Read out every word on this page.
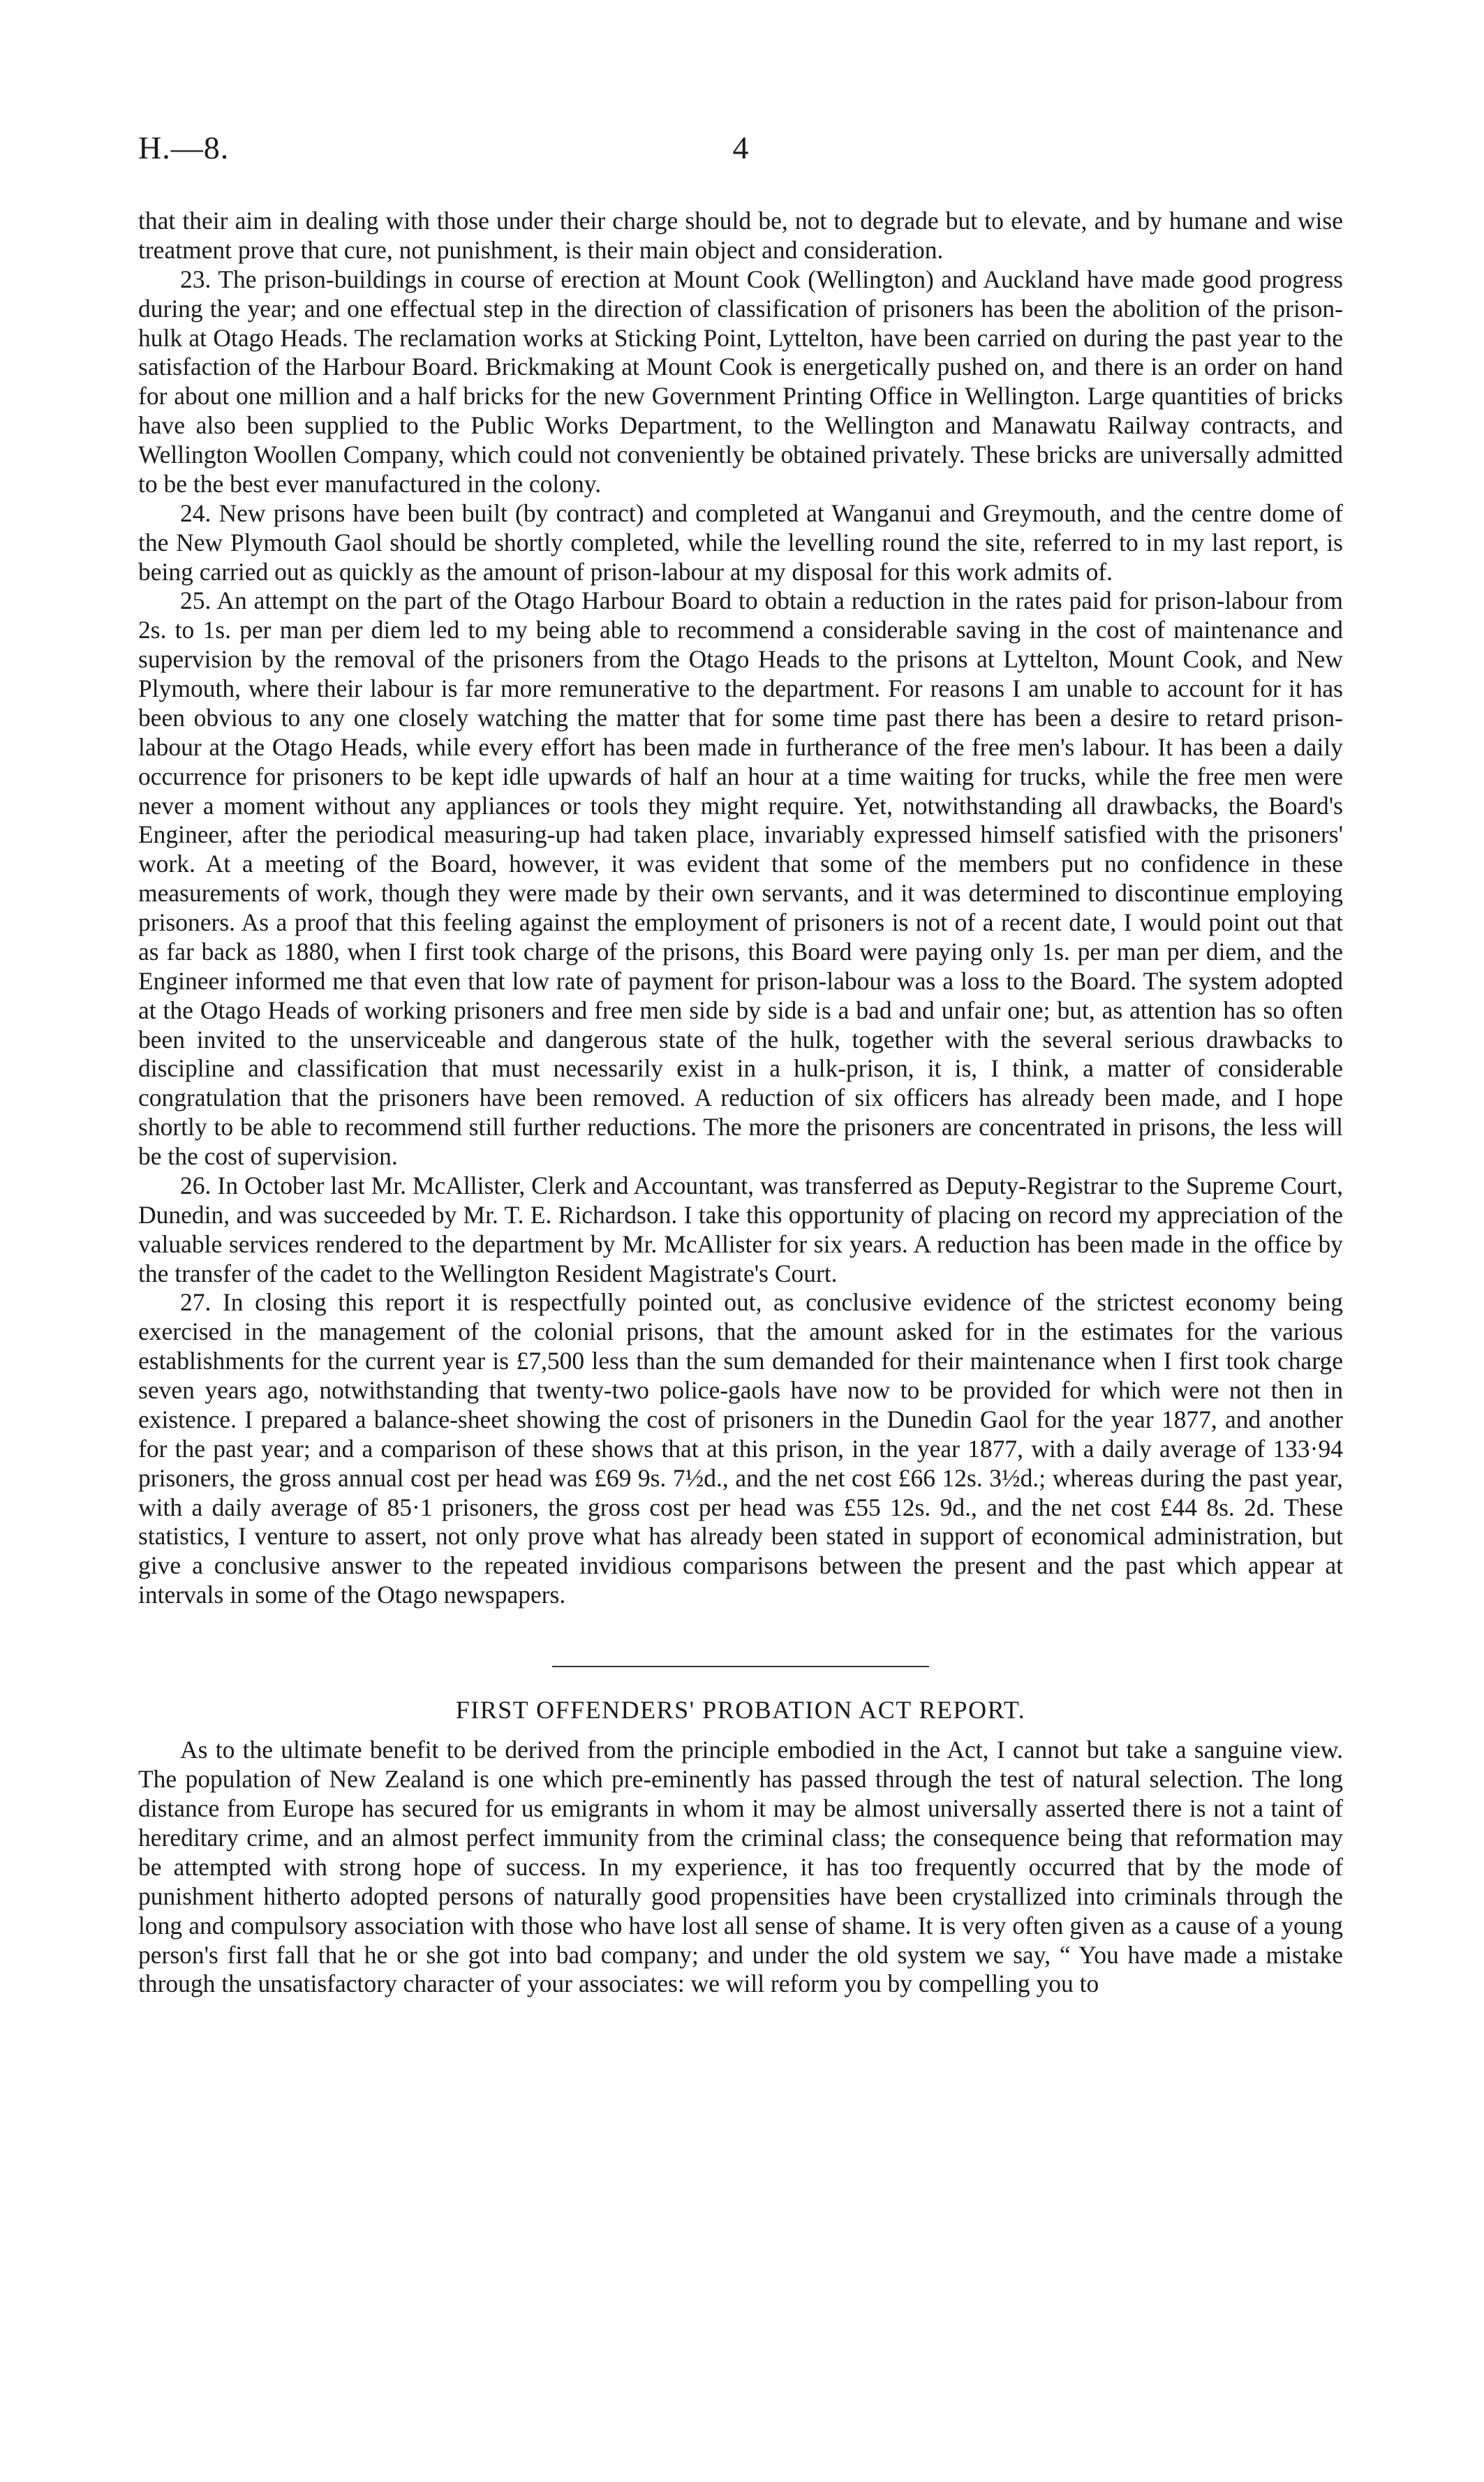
H.—8.	4

that their aim in dealing with those under their charge should be, not to degrade but to elevate, and by humane and wise treatment prove that cure, not punishment, is their main object and consideration.

23. The prison-buildings in course of erection at Mount Cook (Wellington) and Auckland have made good progress during the year; and one effectual step in the direction of classification of prisoners has been the abolition of the prison-hulk at Otago Heads. The reclamation works at Sticking Point, Lyttelton, have been carried on during the past year to the satisfaction of the Harbour Board. Brickmaking at Mount Cook is energetically pushed on, and there is an order on hand for about one million and a half bricks for the new Government Printing Office in Wellington. Large quantities of bricks have also been supplied to the Public Works Department, to the Wellington and Manawatu Railway contracts, and Wellington Woollen Company, which could not conveniently be obtained privately. These bricks are universally admitted to be the best ever manufactured in the colony.

24. New prisons have been built (by contract) and completed at Wanganui and Greymouth, and the centre dome of the New Plymouth Gaol should be shortly completed, while the levelling round the site, referred to in my last report, is being carried out as quickly as the amount of prison-labour at my disposal for this work admits of.

25. An attempt on the part of the Otago Harbour Board to obtain a reduction in the rates paid for prison-labour from 2s. to 1s. per man per diem led to my being able to recommend a considerable saving in the cost of maintenance and supervision by the removal of the prisoners from the Otago Heads to the prisons at Lyttelton, Mount Cook, and New Plymouth, where their labour is far more remunerative to the department. For reasons I am unable to account for it has been obvious to any one closely watching the matter that for some time past there has been a desire to retard prison-labour at the Otago Heads, while every effort has been made in furtherance of the free men's labour. It has been a daily occurrence for prisoners to be kept idle upwards of half an hour at a time waiting for trucks, while the free men were never a moment without any appliances or tools they might require. Yet, notwithstanding all drawbacks, the Board's Engineer, after the periodical measuring-up had taken place, invariably expressed himself satisfied with the prisoners' work. At a meeting of the Board, however, it was evident that some of the members put no confidence in these measurements of work, though they were made by their own servants, and it was determined to discontinue employing prisoners. As a proof that this feeling against the employment of prisoners is not of a recent date, I would point out that as far back as 1880, when I first took charge of the prisons, this Board were paying only 1s. per man per diem, and the Engineer informed me that even that low rate of payment for prison-labour was a loss to the Board. The system adopted at the Otago Heads of working prisoners and free men side by side is a bad and unfair one; but, as attention has so often been invited to the unserviceable and dangerous state of the hulk, together with the several serious drawbacks to discipline and classification that must necessarily exist in a hulk-prison, it is, I think, a matter of considerable congratulation that the prisoners have been removed. A reduction of six officers has already been made, and I hope shortly to be able to recommend still further reductions. The more the prisoners are concentrated in prisons, the less will be the cost of supervision.

26. In October last Mr. McAllister, Clerk and Accountant, was transferred as Deputy-Registrar to the Supreme Court, Dunedin, and was succeeded by Mr. T. E. Richardson. I take this opportunity of placing on record my appreciation of the valuable services rendered to the department by Mr. McAllister for six years. A reduction has been made in the office by the transfer of the cadet to the Wellington Resident Magistrate's Court.

27. In closing this report it is respectfully pointed out, as conclusive evidence of the strictest economy being exercised in the management of the colonial prisons, that the amount asked for in the estimates for the various establishments for the current year is £7,500 less than the sum demanded for their maintenance when I first took charge seven years ago, notwithstanding that twenty-two police-gaols have now to be provided for which were not then in existence. I prepared a balance-sheet showing the cost of prisoners in the Dunedin Gaol for the year 1877, and another for the past year; and a comparison of these shows that at this prison, in the year 1877, with a daily average of 133·94 prisoners, the gross annual cost per head was £69 9s. 7½d., and the net cost £66 12s. 3½d.; whereas during the past year, with a daily average of 85·1 prisoners, the gross cost per head was £55 12s. 9d., and the net cost £44 8s. 2d. These statistics, I venture to assert, not only prove what has already been stated in support of economical administration, but give a conclusive answer to the repeated invidious comparisons between the present and the past which appear at intervals in some of the Otago newspapers.

FIRST OFFENDERS' PROBATION ACT REPORT.

As to the ultimate benefit to be derived from the principle embodied in the Act, I cannot but take a sanguine view. The population of New Zealand is one which pre-eminently has passed through the test of natural selection. The long distance from Europe has secured for us emigrants in whom it may be almost universally asserted there is not a taint of hereditary crime, and an almost perfect immunity from the criminal class; the consequence being that reformation may be attempted with strong hope of success. In my experience, it has too frequently occurred that by the mode of punishment hitherto adopted persons of naturally good propensities have been crystallized into criminals through the long and compulsory association with those who have lost all sense of shame. It is very often given as a cause of a young person's first fall that he or she got into bad company; and under the old system we say, “ You have made a mistake through the unsatisfactory character of your associates: we will reform you by compelling you to
